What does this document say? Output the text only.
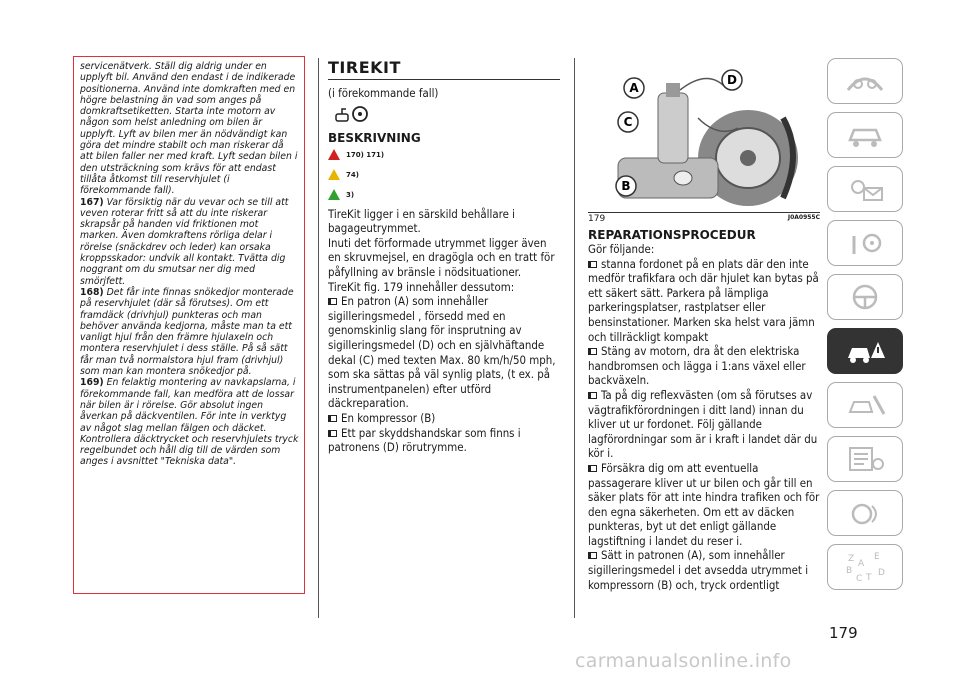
servicenätverk. Ställ dig aldrig under en upplyft bil. Använd den endast i de indikerade positionerna. Använd inte domkraften med en högre belastning än vad som anges på domkraftsetiketten. Starta inte motorn av någon som helst anledning om bilen är upplyft. Lyft av bilen mer än nödvändigt kan göra det mindre stabilt och man riskerar då att bilen faller ner med kraft. Lyft sedan bilen i den utsträckning som krävs för att endast tillåta åtkomst till reservhjulet (i förekommande fall).

167) Var försiktig när du vevar och se till att veven roterar fritt så att du inte riskerar skrapsår på handen vid friktionen mot marken. Även domkraftens rörliga delar i rörelse (snäckdrev och leder) kan orsaka kroppsskador: undvik all kontakt. Tvätta dig noggrant om du smutsar ner dig med smörjfett.

168) Det får inte finnas snökedjor monterade på reservhjulet (där så förutses). Om ett framdäck (drivhjul) punkteras och man behöver använda kedjorna, måste man ta ett vanligt hjul från den främre hjulaxeln och montera reservhjulet i dess ställe. På så sätt får man två normalstora hjul fram (drivhjul) som man kan montera snökedjor på.

169) En felaktig montering av navkapslarna, i förekommande fall, kan medföra att de lossar när bilen är i rörelse. Gör absolut ingen åverkan på däckventilen. För inte in verktyg av något slag mellan fälgen och däcket. Kontrollera däcktrycket och reservhjulets tryck regelbundet och håll dig till de värden som anges i avsnittet "Tekniska data".

TIREKIT
(i förekommande fall)
BESKRIVNING
170) 171)
74)
3)

TireKit ligger i en särskild behållare i bagageutrymmet.

Inuti det förformade utrymmet ligger även en skruvmejsel, en dragögla och en tratt för påfyllning av bränsle i nödsituationer.

TireKit fig. 179 innehåller dessutom:

En patron (A) som innehåller sigilleringsmedel , försedd med en genomskinlig slang för insprutning av sigilleringsmedel (D) och en självhäftande dekal (C) med texten Max. 80 km/h/50 mph, som ska sättas på väl synlig plats, (t ex. på instrumentpanelen) efter utförd däckreparation.

En kompressor (B)

Ett par skyddshandskar som finns i patronens (D) rörutrymme.

A
D
C
B
179	J0A0955C
REPARATIONSPROCEDUR

Gör följande:

stanna fordonet på en plats där den inte medför trafikfara och där hjulet kan bytas på ett säkert sätt. Parkera på lämpliga parkeringsplatser, rastplatser eller bensinstationer. Marken ska helst vara jämn och tillräckligt kompakt

Stäng av motorn, dra åt den elektriska handbromsen och lägga i 1:ans växel eller backväxeln.

Ta på dig reflexvästen (om så förutses av vägtrafikförordningen i ditt land) innan du kliver ut ur fordonet. Följ gällande lagförordningar som är i kraft i landet där du kör i.

Försäkra dig om att eventuella passagerare kliver ut ur bilen och går till en säker plats för att inte hindra trafiken och för den egna säkerheten. Om ett av däcken punkteras, byt ut det enligt gällande lagstiftning i landet du reser i.

Sätt in patronen (A), som innehåller sigilleringsmedel i det avsedda utrymmet i kompressorn (B) och, tryck ordentligt

Z E
A
B
C T D
179
carmanualsonline.info
